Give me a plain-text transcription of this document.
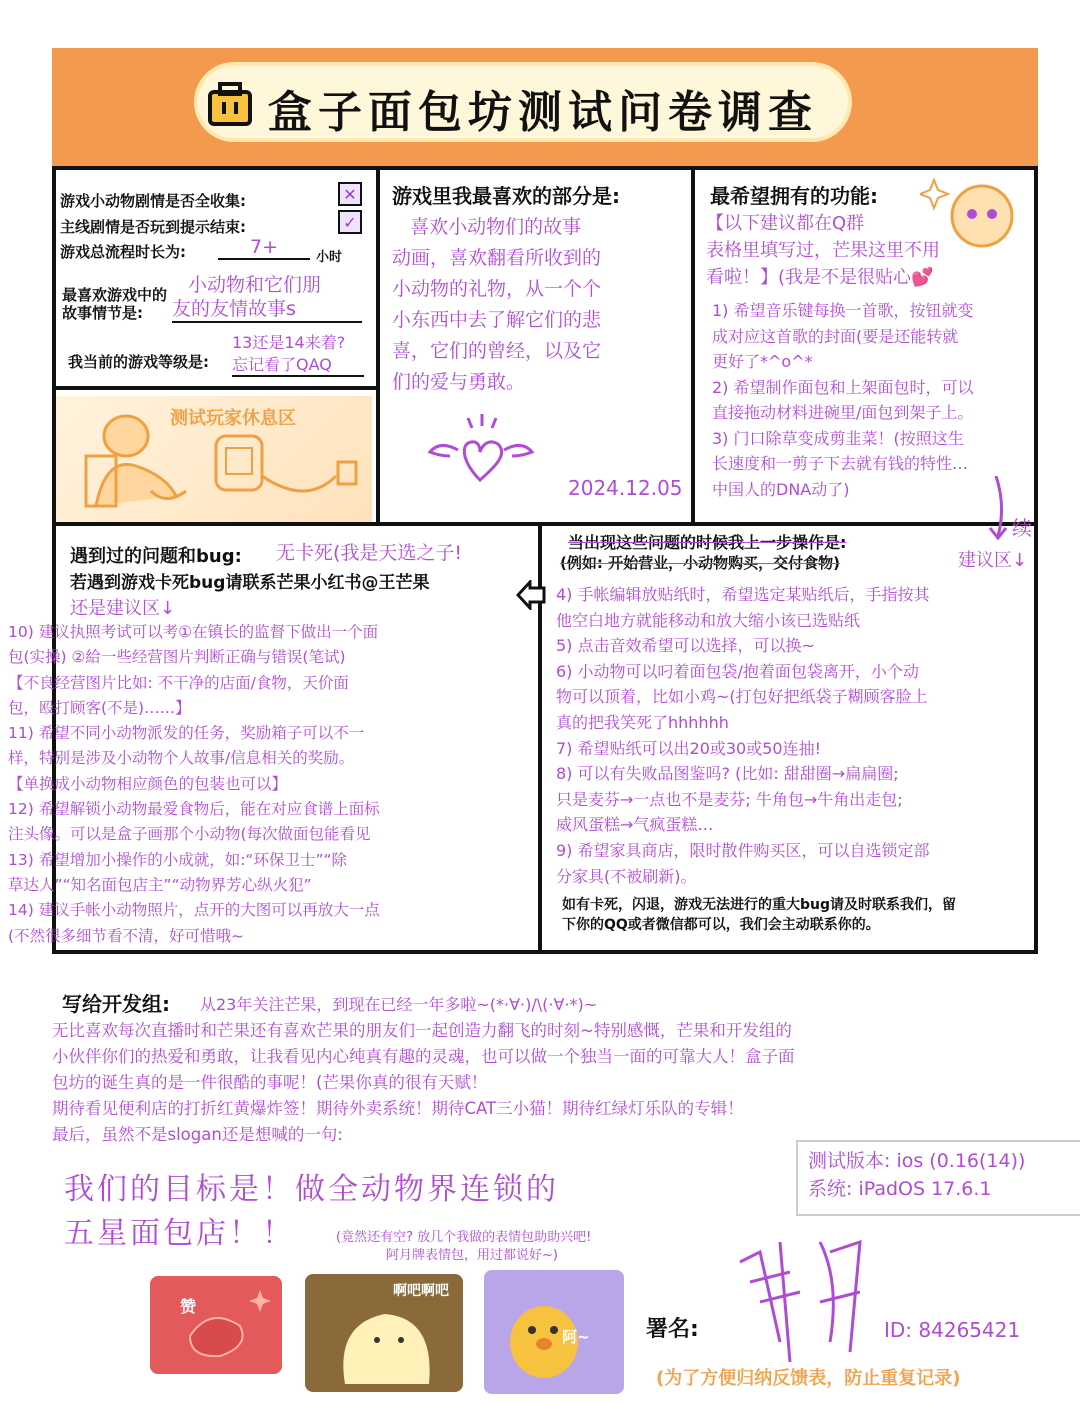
盒子面包坊测试问卷调查
游戏小动物剧情是否全收集:	✕
主线剧情是否玩到提示结束:	✓
游戏总流程时长为:	7+	小时
最喜欢游戏中的
故事情节是:
小动物和它们朋
友的友情故事s
我当前的游戏等级是:
13还是14来着?
忘记看了QAQ
测试玩家休息区
游戏里我最喜欢的部分是:
喜欢小动物们的故事
动画，喜欢翻看所收到的
小动物的礼物，从一个个
小东西中去了解它们的悲
喜，它们的曾经，以及它
们的爱与勇敢。
2024.12.05
最希望拥有的功能:
【以下建议都在Q群
表格里填写过，芒果这里不用
看啦！】(我是不是很贴心💕
1) 希望音乐键每换一首歌，按钮就变
成对应这首歌的封面(要是还能转就
更好了*^o^*
2) 希望制作面包和上架面包时，可以
直接拖动材料进碗里/面包到架子上。
3) 门口除草变成剪韭菜！(按照这生
长速度和一剪子下去就有钱的特性…
中国人的DNA动了)
续
建议区↓
遇到过的问题和bug: 无卡死(我是天选之子!
若遇到游戏卡死bug请联系芒果小红书@王芒果
还是建议区↓
10) 建议执照考试可以考①在镇长的监督下做出一个面
包(实操) ②給一些经营图片判断正确与错误(笔试)
【不良经营图片比如: 不干净的店面/食物，天价面
包，殴打顾客(不是)……】
11) 希望不同小动物派发的任务，奖励箱子可以不一
样，特别是涉及小动物个人故事/信息相关的奖励。
【单换成小动物相应颜色的包装也可以】
12) 希望解锁小动物最爱食物后，能在对应食谱上面标
注头像。可以是盒子画那个小动物(每次做面包能看见
13) 希望增加小操作的小成就，如:“环保卫士”“除
草达人”“知名面包店主”“动物界芳心纵火犯”
14) 建议手帐小动物照片，点开的大图可以再放大一点
(不然很多细节看不清，好可惜哦~
当出现这些问题的时候我上一步操作是:
(例如: 开始营业，小动物购买，交付食物)
4) 手帐编辑放贴纸时，希望选定某贴纸后，手指按其
他空白地方就能移动和放大缩小该已选贴纸
5) 点击音效希望可以选择，可以换~
6) 小动物可以叼着面包袋/抱着面包袋离开，小个动
物可以顶着，比如小鸡~(打包好把纸袋子糊顾客脸上
真的把我笑死了hhhhhh
7) 希望贴纸可以出20或30或50连抽!
8) 可以有失败品图鉴吗? (比如: 甜甜圈→扁扁圈;
只是麦芬→一点也不是麦芬; 牛角包→牛角出走包;
威风蛋糕→气疯蛋糕…
9) 希望家具商店，限时散件购买区，可以自选锁定部
分家具(不被刷新)。
如有卡死，闪退，游戏无法进行的重大bug请及时联系我们，留
下你的QQ或者微信都可以，我们会主动联系你的。
写给开发组: 从23年关注芒果，到现在已经一年多啦~(*·∀·)/\(·∀·*)~
无比喜欢每次直播时和芒果还有喜欢芒果的朋友们一起创造力翻飞的时刻~特别感慨，芒果和开发组的
小伙伴你们的热爱和勇敢，让我看见内心纯真有趣的灵魂，也可以做一个独当一面的可靠大人！盒子面
包坊的诞生真的是一件很酷的事呢！(芒果你真的很有天赋！
期待看见便利店的打折红黄爆炸签！期待外卖系统！期待CAT三小猫！期待红绿灯乐队的专辑！
最后，虽然不是slogan还是想喊的一句:
测试版本: ios (0.16(14))
系统: iPadOS 17.6.1
我们的目标是！做全动物界连锁的
五星面包店！！	(竟然还有空? 放几个我做的表情包助助兴吧!
阿月牌表情包，用过都说好~)
赞
啊吧啊吧
阿~	署名:	ID: 84265421
(为了方便归纳反馈表，防止重复记录)
